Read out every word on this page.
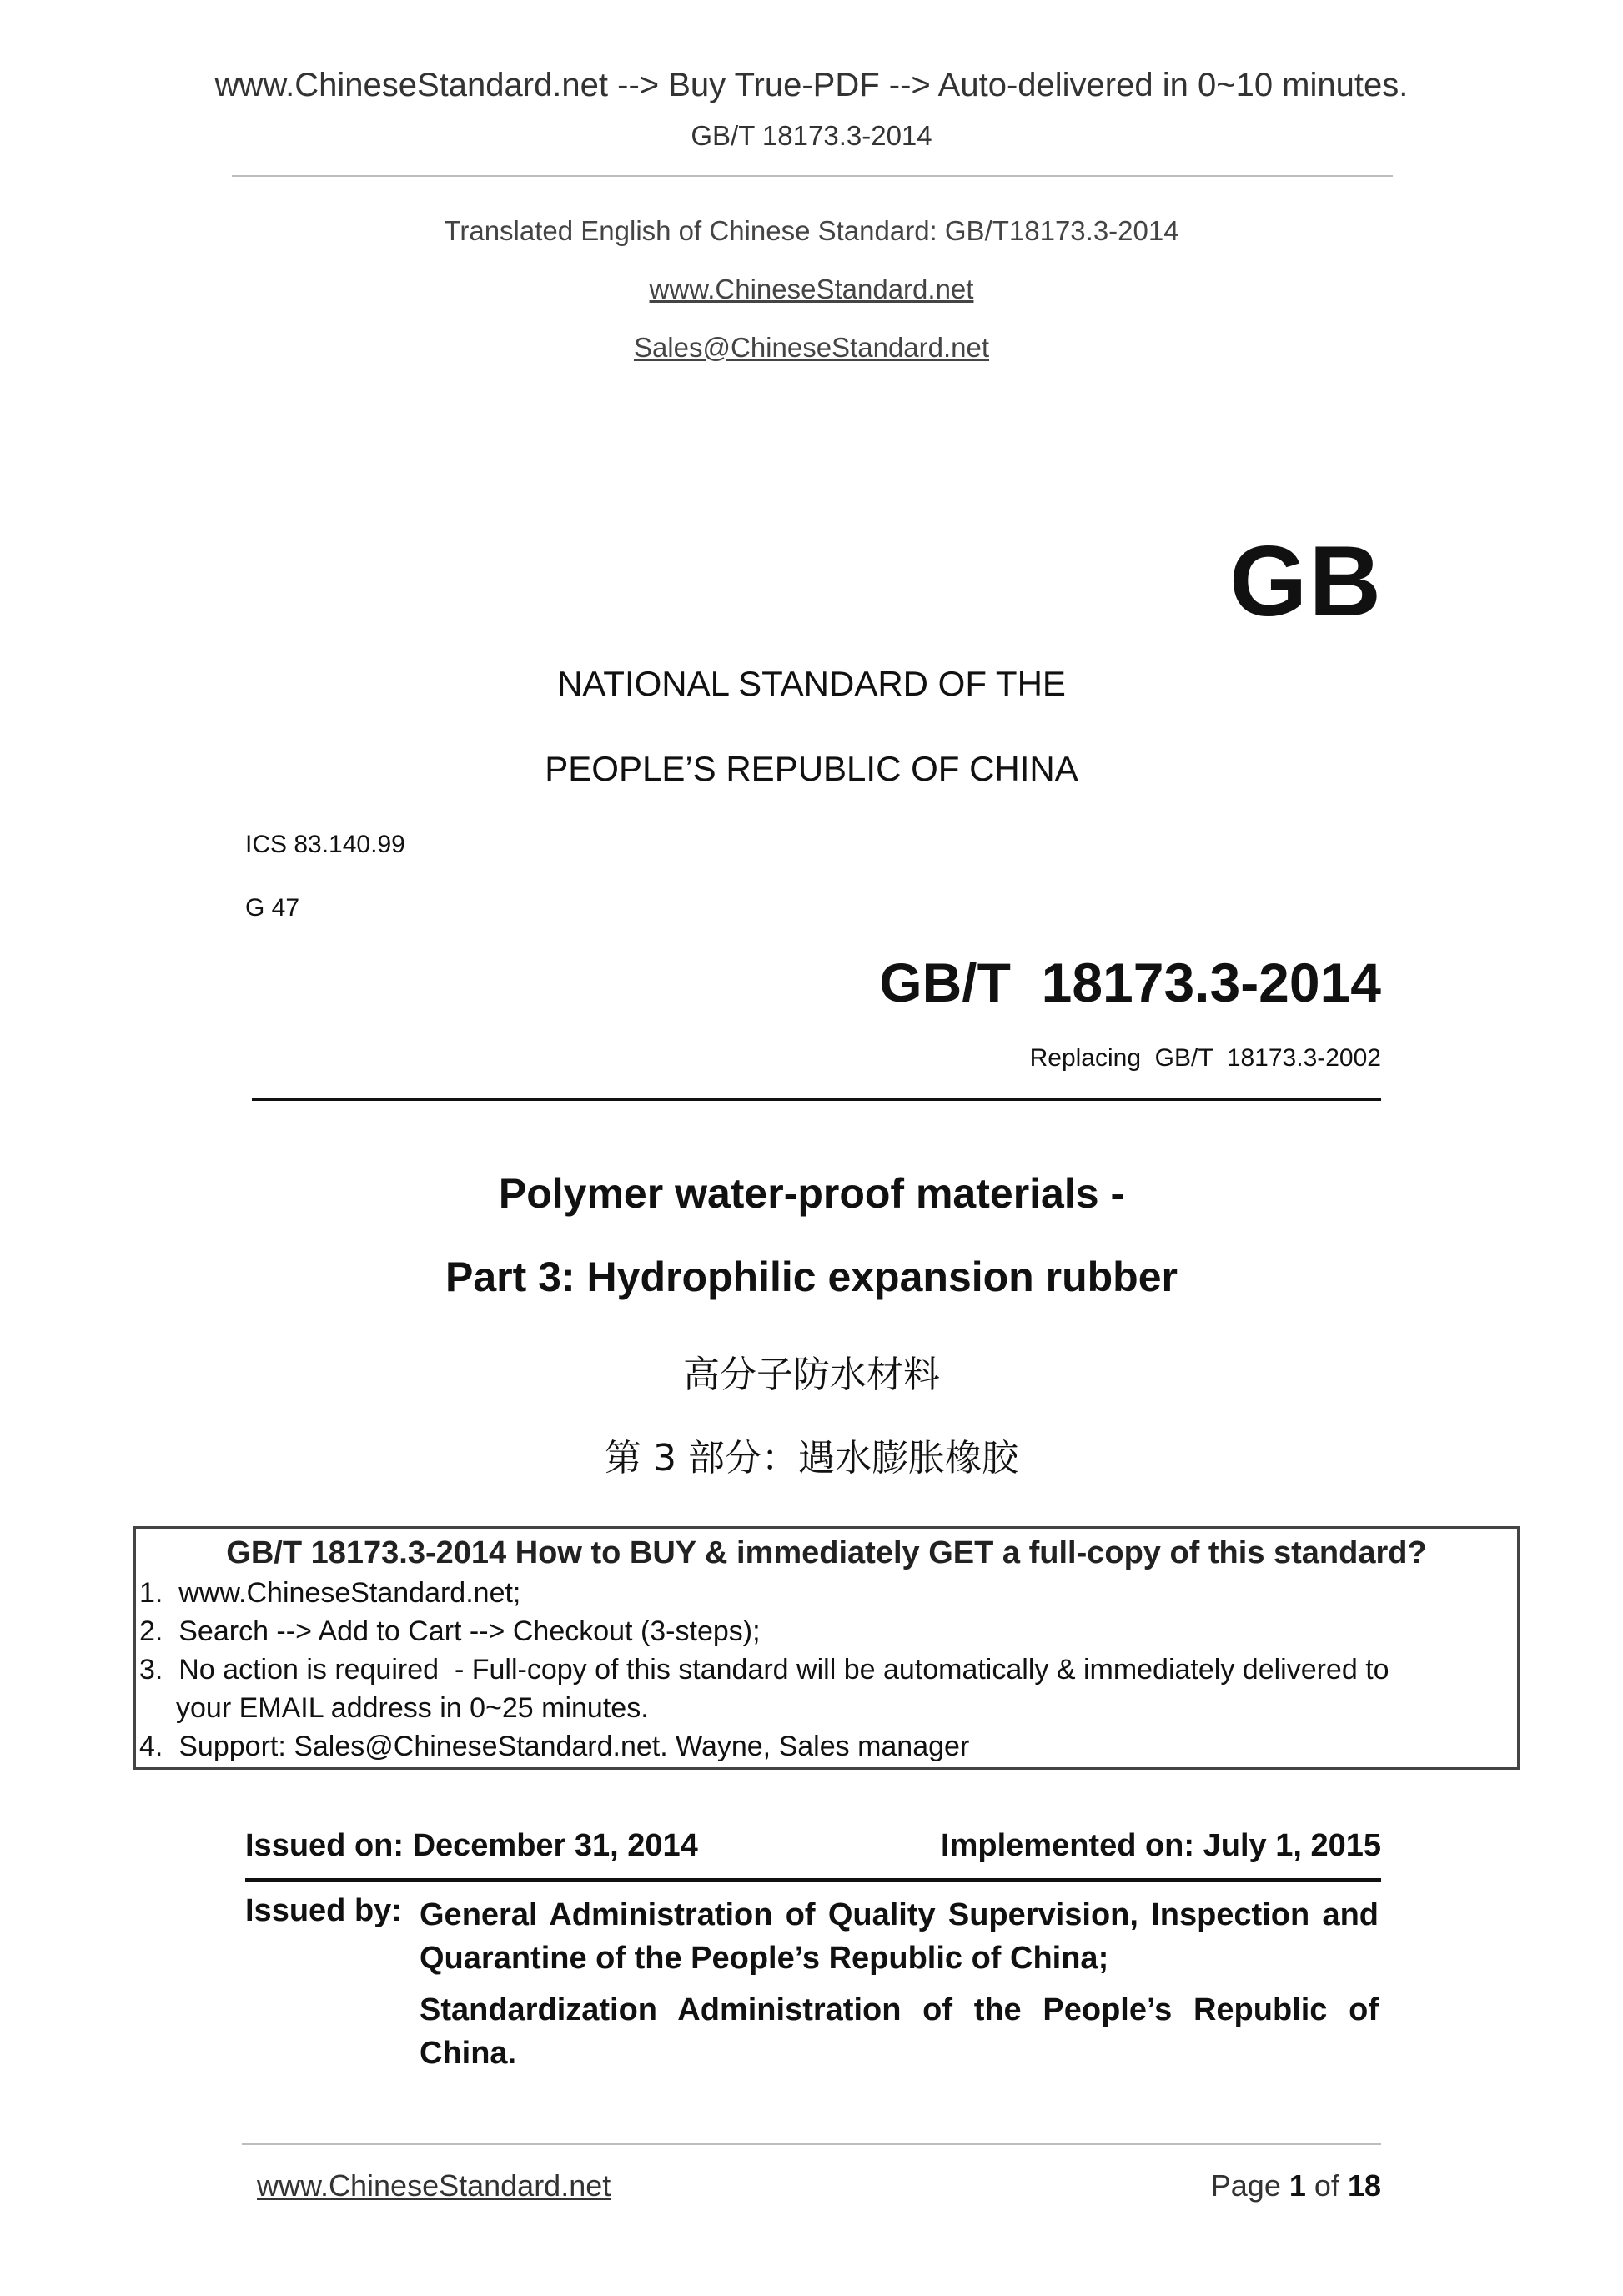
www.ChineseStandard.net --> Buy True-PDF --> Auto-delivered in 0~10 minutes.
GB/T 18173.3-2014
Translated English of Chinese Standard: GB/T18173.3-2014
www.ChineseStandard.net
Sales@ChineseStandard.net
GB
NATIONAL STANDARD OF THE
PEOPLE’S REPUBLIC OF CHINA
ICS 83.140.99
G 47
GB/T  18173.3-2014
Replacing  GB/T  18173.3-2002
Polymer water-proof materials -
Part 3: Hydrophilic expansion rubber
高分子防水材料
第 3 部分：遇水膨胀橡胶
GB/T 18173.3-2014 How to BUY & immediately GET a full-copy of this standard?
1.  www.ChineseStandard.net;
2.  Search --> Add to Cart --> Checkout (3-steps);
3.  No action is required  - Full-copy of this standard will be automatically & immediately delivered to
your EMAIL address in 0~25 minutes.
4.  Support: Sales@ChineseStandard.net. Wayne, Sales manager
Issued on: December 31, 2014	Implemented on: July 1, 2015
Issued by: General Administration of Quality Supervision, Inspection and Quarantine of the People’s Republic of China;
Standardization Administration of the People’s Republic of China.
www.ChineseStandard.net	Page 1 of 18
